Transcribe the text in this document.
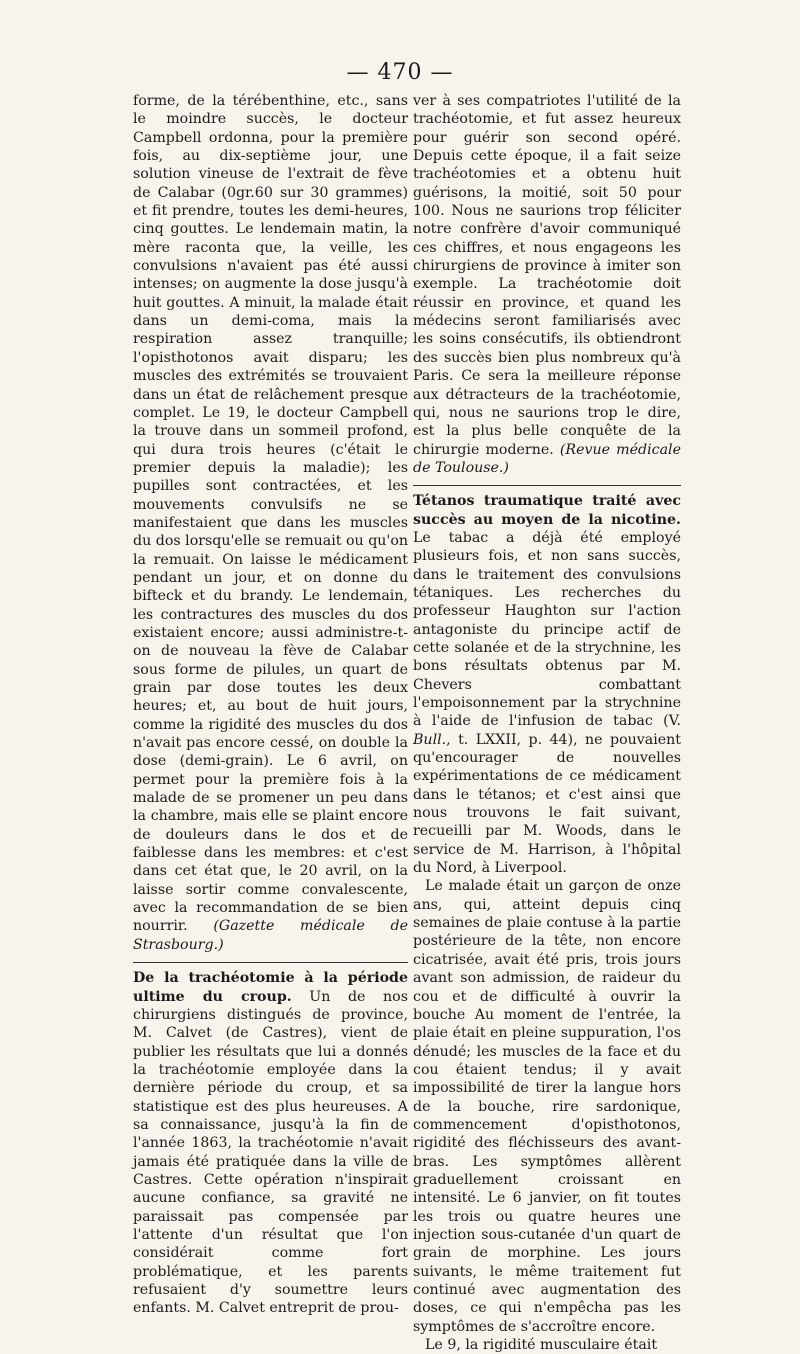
— 470 —

forme, de la térébenthine, etc., sans le moindre succès, le docteur Campbell ordonna, pour la première fois, au dix-septième jour, une solution vineuse de l'extrait de fève de Calabar (0gr.60 sur 30 grammes) et fit prendre, toutes les demi-heures, cinq gouttes. Le lendemain matin, la mère raconta que, la veille, les convulsions n'avaient pas été aussi intenses; on augmente la dose jusqu'à huit gouttes. A minuit, la malade était dans un demi-coma, mais la respiration assez tranquille; l'opisthotonos avait disparu; les muscles des extrémités se trouvaient dans un état de relâchement presque complet. Le 19, le docteur Campbell la trouve dans un sommeil profond, qui dura trois heures (c'était le premier depuis la maladie); les pupilles sont contractées, et les mouvements convulsifs ne se manifestaient que dans les muscles du dos lorsqu'elle se remuait ou qu'on la remuait. On laisse le médicament pendant un jour, et on donne du bifteck et du brandy. Le lendemain, les contractures des muscles du dos existaient encore; aussi administre-t-on de nouveau la fève de Calabar sous forme de pilules, un quart de grain par dose toutes les deux heures; et, au bout de huit jours, comme la rigidité des muscles du dos n'avait pas encore cessé, on double la dose (demi-grain). Le 6 avril, on permet pour la première fois à la malade de se promener un peu dans la chambre, mais elle se plaint encore de douleurs dans le dos et de faiblesse dans les membres: et c'est dans cet état que, le 20 avril, on la laisse sortir comme convalescente, avec la recommandation de se bien nourrir. (Gazette médicale de Strasbourg.)

De la trachéotomie à la période ultime du croup. Un de nos chirurgiens distingués de province, M. Calvet (de Castres), vient de publier les résultats que lui a donnés la trachéotomie employée dans la dernière période du croup, et sa statistique est des plus heureuses. A sa connaissance, jusqu'à la fin de l'année 1863, la trachéotomie n'avait jamais été pratiquée dans la ville de Castres. Cette opération n'inspirait aucune confiance, sa gravité ne paraissait pas compensée par l'attente d'un résultat que l'on considérait comme fort problématique, et les parents refusaient d'y soumettre leurs enfants. M. Calvet entreprit de prou-

ver à ses compatriotes l'utilité de la trachéotomie, et fut assez heureux pour guérir son second opéré. Depuis cette époque, il a fait seize trachéotomies et a obtenu huit guérisons, la moitié, soit 50 pour 100. Nous ne saurions trop féliciter notre confrère d'avoir communiqué ces chiffres, et nous engageons les chirurgiens de province à imiter son exemple. La trachéotomie doit réussir en province, et quand les médecins seront familiarisés avec les soins consécutifs, ils obtiendront des succès bien plus nombreux qu'à Paris. Ce sera la meilleure réponse aux détracteurs de la trachéotomie, qui, nous ne saurions trop le dire, est la plus belle conquête de la chirurgie moderne. (Revue médicale de Toulouse.)

Tétanos traumatique traité avec succès au moyen de la nicotine. Le tabac a déjà été employé plusieurs fois, et non sans succès, dans le traitement des convulsions tétaniques. Les recherches du professeur Haughton sur l'action antagoniste du principe actif de cette solanée et de la strychnine, les bons résultats obtenus par M. Chevers combattant l'empoisonnement par la strychnine à l'aide de l'infusion de tabac (V. Bull., t. LXXII, p. 44), ne pouvaient qu'encourager de nouvelles expérimentations de ce médicament dans le tétanos; et c'est ainsi que nous trouvons le fait suivant, recueilli par M. Woods, dans le service de M. Harrison, à l'hôpital du Nord, à Liverpool.

Le malade était un garçon de onze ans, qui, atteint depuis cinq semaines de plaie contuse à la partie postérieure de la tête, non encore cicatrisée, avait été pris, trois jours avant son admission, de raideur du cou et de difficulté à ouvrir la bouche Au moment de l'entrée, la plaie était en pleine suppuration, l'os dénudé; les muscles de la face et du cou étaient tendus; il y avait impossibilité de tirer la langue hors de la bouche, rire sardonique, commencement d'opisthotonos, rigidité des fléchisseurs des avant-bras. Les symptômes allèrent graduellement croissant en intensité. Le 6 janvier, on fit toutes les trois ou quatre heures une injection sous-cutanée d'un quart de grain de morphine. Les jours suivants, le même traitement fut continué avec augmentation des doses, ce qui n'empêcha pas les symptômes de s'accroître encore.

Le 9, la rigidité musculaire était
